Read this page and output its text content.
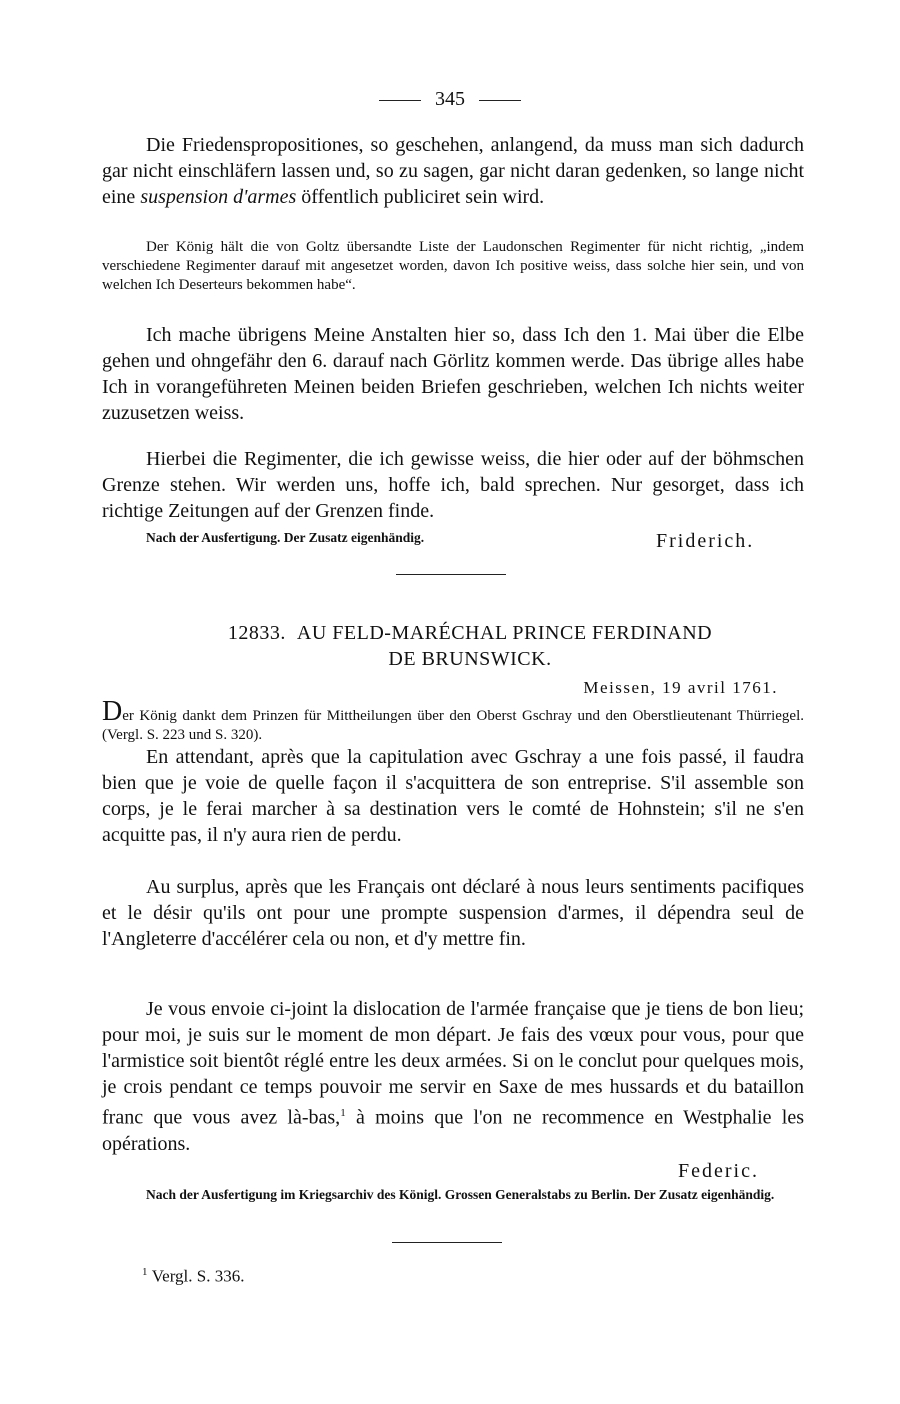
345

Die Friedenspropositiones, so geschehen, anlangend, da muss man sich dadurch gar nicht einschläfern lassen und, so zu sagen, gar nicht daran gedenken, so lange nicht eine suspension d'armes öffentlich publiciret sein wird.

Der König hält die von Goltz übersandte Liste der Laudonschen Regimenter für nicht richtig, „indem verschiedene Regimenter darauf mit angesetzet worden, davon Ich positive weiss, dass solche hier sein, und von welchen Ich Deserteurs bekommen habe“.

Ich mache übrigens Meine Anstalten hier so, dass Ich den 1. Mai über die Elbe gehen und ohngefähr den 6. darauf nach Görlitz kommen werde. Das übrige alles habe Ich in vorangeführeten Meinen beiden Briefen geschrieben, welchen Ich nichts weiter zuzusetzen weiss.

Hierbei die Regimenter, die ich gewisse weiss, die hier oder auf der böhmschen Grenze stehen. Wir werden uns, hoffe ich, bald sprechen. Nur gesorget, dass ich richtige Zeitungen auf der Grenzen finde.

Nach der Ausfertigung. Der Zusatz eigenhändig.	Friderich.
12833. AU FELD-MARÉCHAL PRINCE FERDINAND
DE BRUNSWICK.
Meissen, 19 avril 1761.

Der König dankt dem Prinzen für Mittheilungen über den Oberst Gschray und den Oberstlieutenant Thürriegel. (Vergl. S. 223 und S. 320).

En attendant, après que la capitulation avec Gschray a une fois passé, il faudra bien que je voie de quelle façon il s'acquittera de son entreprise. S'il assemble son corps, je le ferai marcher à sa destination vers le comté de Hohnstein; s'il ne s'en acquitte pas, il n'y aura rien de perdu.

Au surplus, après que les Français ont déclaré à nous leurs sentiments pacifiques et le désir qu'ils ont pour une prompte suspension d'armes, il dépendra seul de l'Angleterre d'accélérer cela ou non, et d'y mettre fin.

Je vous envoie ci-joint la dislocation de l'armée française que je tiens de bon lieu; pour moi, je suis sur le moment de mon départ. Je fais des vœux pour vous, pour que l'armistice soit bientôt réglé entre les deux armées. Si on le conclut pour quelques mois, je crois pendant ce temps pouvoir me servir en Saxe de mes hussards et du bataillon franc que vous avez là-bas,$^1$ à moins que l'on ne recommence en Westphalie les opérations.

Federic.

Nach der Ausfertigung im Kriegsarchiv des Königl. Grossen Generalstabs zu Berlin. Der Zusatz eigenhändig.

$^1$ Vergl. S. 336.
